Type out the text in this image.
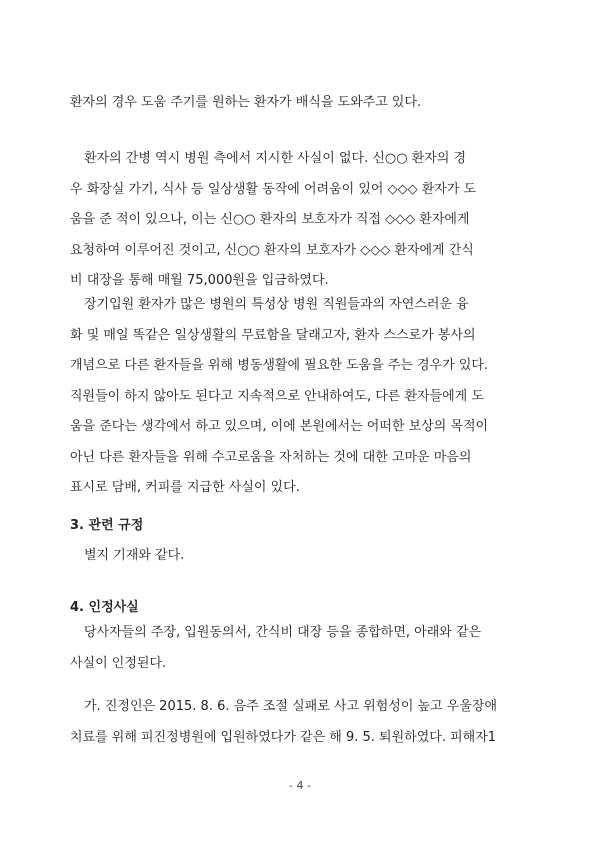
환자의 경우 도움 주기를 원하는 환자가 배식을 도와주고 있다.
환자의 간병 역시 병원 측에서 지시한 사실이 없다. 신○○ 환자의 경
우 화장실 가기, 식사 등 일상생활 동작에 어려움이 있어 ◇◇◇ 환자가 도
움을 준 적이 있으나, 이는 신○○ 환자의 보호자가 직접 ◇◇◇ 환자에게
요청하여 이루어진 것이고, 신○○ 환자의 보호자가 ◇◇◇ 환자에게 간식
비 대장을 통해 매월 75,000원을 입금하였다.
장기입원 환자가 많은 병원의 특성상 병원 직원들과의 자연스러운 융
화 및 매일 똑같은 일상생활의 무료함을 달래고자, 환자 스스로가 봉사의
개념으로 다른 환자들을 위해 병동생활에 필요한 도움을 주는 경우가 있다.
직원들이 하지 않아도 된다고 지속적으로 안내하여도, 다른 환자들에게 도
움을 준다는 생각에서 하고 있으며, 이에 본원에서는 어떠한 보상의 목적이
아닌 다른 환자들을 위해 수고로움을 자처하는 것에 대한 고마운 마음의
표시로 담배, 커피를 지급한 사실이 있다.
3. 관련 규정
별지 기재와 같다.
4. 인정사실
당사자들의 주장, 입원동의서, 간식비 대장 등을 종합하면, 아래와 같은
사실이 인정된다.
가. 진정인은 2015. 8. 6. 음주 조절 실패로 사고 위험성이 높고 우울장애
치료를 위해 피진정병원에 입원하였다가 같은 해 9. 5. 퇴원하였다. 피해자1
- 4 -
